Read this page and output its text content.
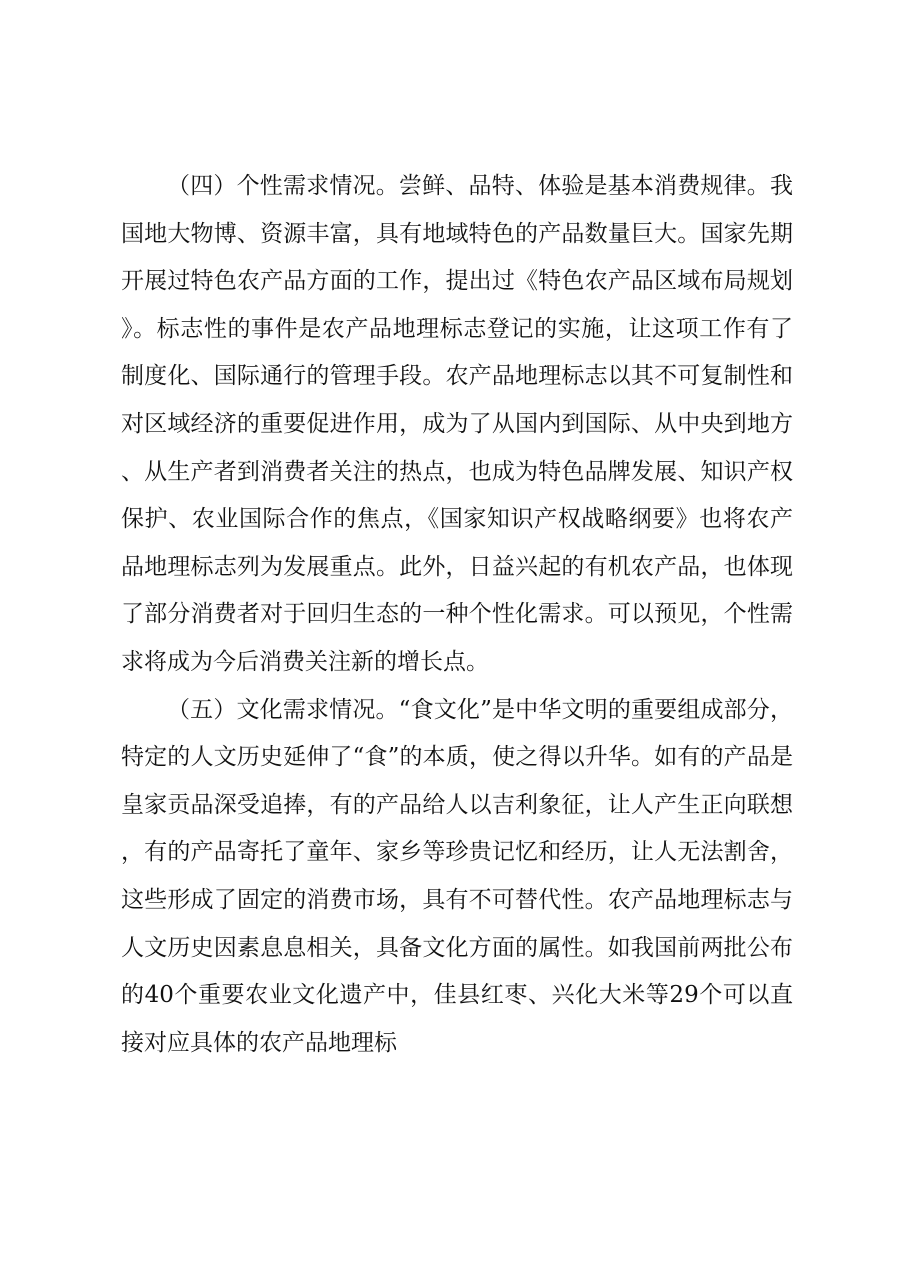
（四）个性需求情况。尝鲜、品特、体验是基本消费规律。我国地大物博、资源丰富，具有地域特色的产品数量巨大。国家先期开展过特色农产品方面的工作，提出过《特色农产品区域布局规划》。标志性的事件是农产品地理标志登记的实施，让这项工作有了制度化、国际通行的管理手段。农产品地理标志以其不可复制性和对区域经济的重要促进作用，成为了从国内到国际、从中央到地方、从生产者到消费者关注的热点，也成为特色品牌发展、知识产权保护、农业国际合作的焦点，《国家知识产权战略纲要》也将农产品地理标志列为发展重点。此外，日益兴起的有机农产品，也体现了部分消费者对于回归生态的一种个性化需求。可以预见，个性需求将成为今后消费关注新的增长点。

（五）文化需求情况。“食文化”是中华文明的重要组成部分，特定的人文历史延伸了“食”的本质，使之得以升华。如有的产品是皇家贡品深受追捧，有的产品给人以吉利象征，让人产生正向联想，有的产品寄托了童年、家乡等珍贵记忆和经历，让人无法割舍，这些形成了固定的消费市场，具有不可替代性。农产品地理标志与人文历史因素息息相关，具备文化方面的属性。如我国前两批公布的40个重要农业文化遗产中，佳县红枣、兴化大米等29个可以直接对应具体的农产品地理标
